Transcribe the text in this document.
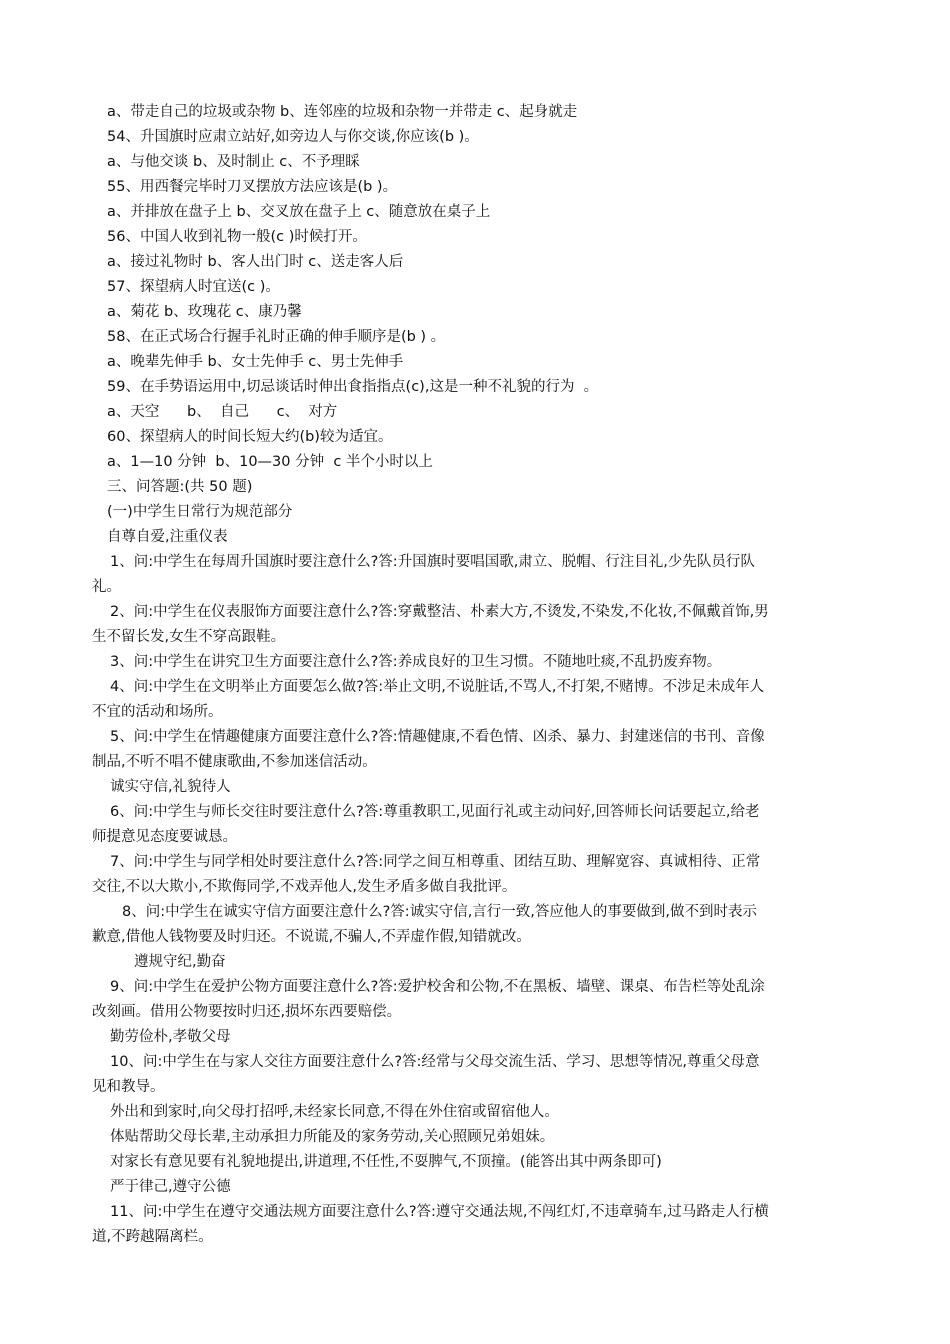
a、带走自己的垃圾或杂物 b、连邻座的垃圾和杂物一并带走 c、起身就走
54、升国旗时应肃立站好,如旁边人与你交谈,你应该(b )。
a、与他交谈 b、及时制止 c、不予理睬
55、用西餐完毕时刀叉摆放方法应该是(b )。
a、并排放在盘子上 b、交叉放在盘子上 c、随意放在桌子上
56、中国人收到礼物一般(c )时候打开。
a、接过礼物时 b、客人出门时 c、送走客人后
57、探望病人时宜送(c )。
a、菊花 b、玫瑰花 c、康乃馨
58、在正式场合行握手礼时正确的伸手顺序是(b ) 。
a、晚辈先伸手 b、女士先伸手 c、男士先伸手
59、在手势语运用中,切忌谈话时伸出食指指点(c),这是一种不礼貌的行为  。
a、天空      b、  自己      c、  对方
60、探望病人的时间长短大约(b)较为适宜。
a、1—10 分钟  b、10—30 分钟  c 半个小时以上
三、问答题:(共 50 题)
(一)中学生日常行为规范部分
自尊自爱,注重仪表
1、问:中学生在每周升国旗时要注意什么?答:升国旗时要唱国歌,肃立、脱帽、行注目礼,少先队员行队
礼。
2、问:中学生在仪表服饰方面要注意什么?答:穿戴整洁、朴素大方,不烫发,不染发,不化妆,不佩戴首饰,男
生不留长发,女生不穿高跟鞋。
3、问:中学生在讲究卫生方面要注意什么?答:养成良好的卫生习惯。不随地吐痰,不乱扔废弃物。
4、问:中学生在文明举止方面要怎么做?答:举止文明,不说脏话,不骂人,不打架,不赌博。不涉足未成年人
不宜的活动和场所。
5、问:中学生在情趣健康方面要注意什么?答:情趣健康,不看色情、凶杀、暴力、封建迷信的书刊、音像
制品,不听不唱不健康歌曲,不参加迷信活动。
诚实守信,礼貌待人
6、问:中学生与师长交往时要注意什么?答:尊重教职工,见面行礼或主动问好,回答师长问话要起立,给老
师提意见态度要诚恳。
7、问:中学生与同学相处时要注意什么?答:同学之间互相尊重、团结互助、理解宽容、真诚相待、正常
交往,不以大欺小,不欺侮同学,不戏弄他人,发生矛盾多做自我批评。
8、问:中学生在诚实守信方面要注意什么?答:诚实守信,言行一致,答应他人的事要做到,做不到时表示
歉意,借他人钱物要及时归还。不说谎,不骗人,不弄虚作假,知错就改。
遵规守纪,勤奋
9、问:中学生在爱护公物方面要注意什么?答:爱护校舍和公物,不在黑板、墙壁、课桌、布告栏等处乱涂
改刻画。借用公物要按时归还,损坏东西要赔偿。
勤劳俭朴,孝敬父母
10、问:中学生在与家人交往方面要注意什么?答:经常与父母交流生活、学习、思想等情况,尊重父母意
见和教导。
外出和到家时,向父母打招呼,未经家长同意,不得在外住宿或留宿他人。
体贴帮助父母长辈,主动承担力所能及的家务劳动,关心照顾兄弟姐妹。
对家长有意见要有礼貌地提出,讲道理,不任性,不耍脾气,不顶撞。(能答出其中两条即可)
严于律己,遵守公德
11、问:中学生在遵守交通法规方面要注意什么?答:遵守交通法规,不闯红灯,不违章骑车,过马路走人行横
道,不跨越隔离栏。
